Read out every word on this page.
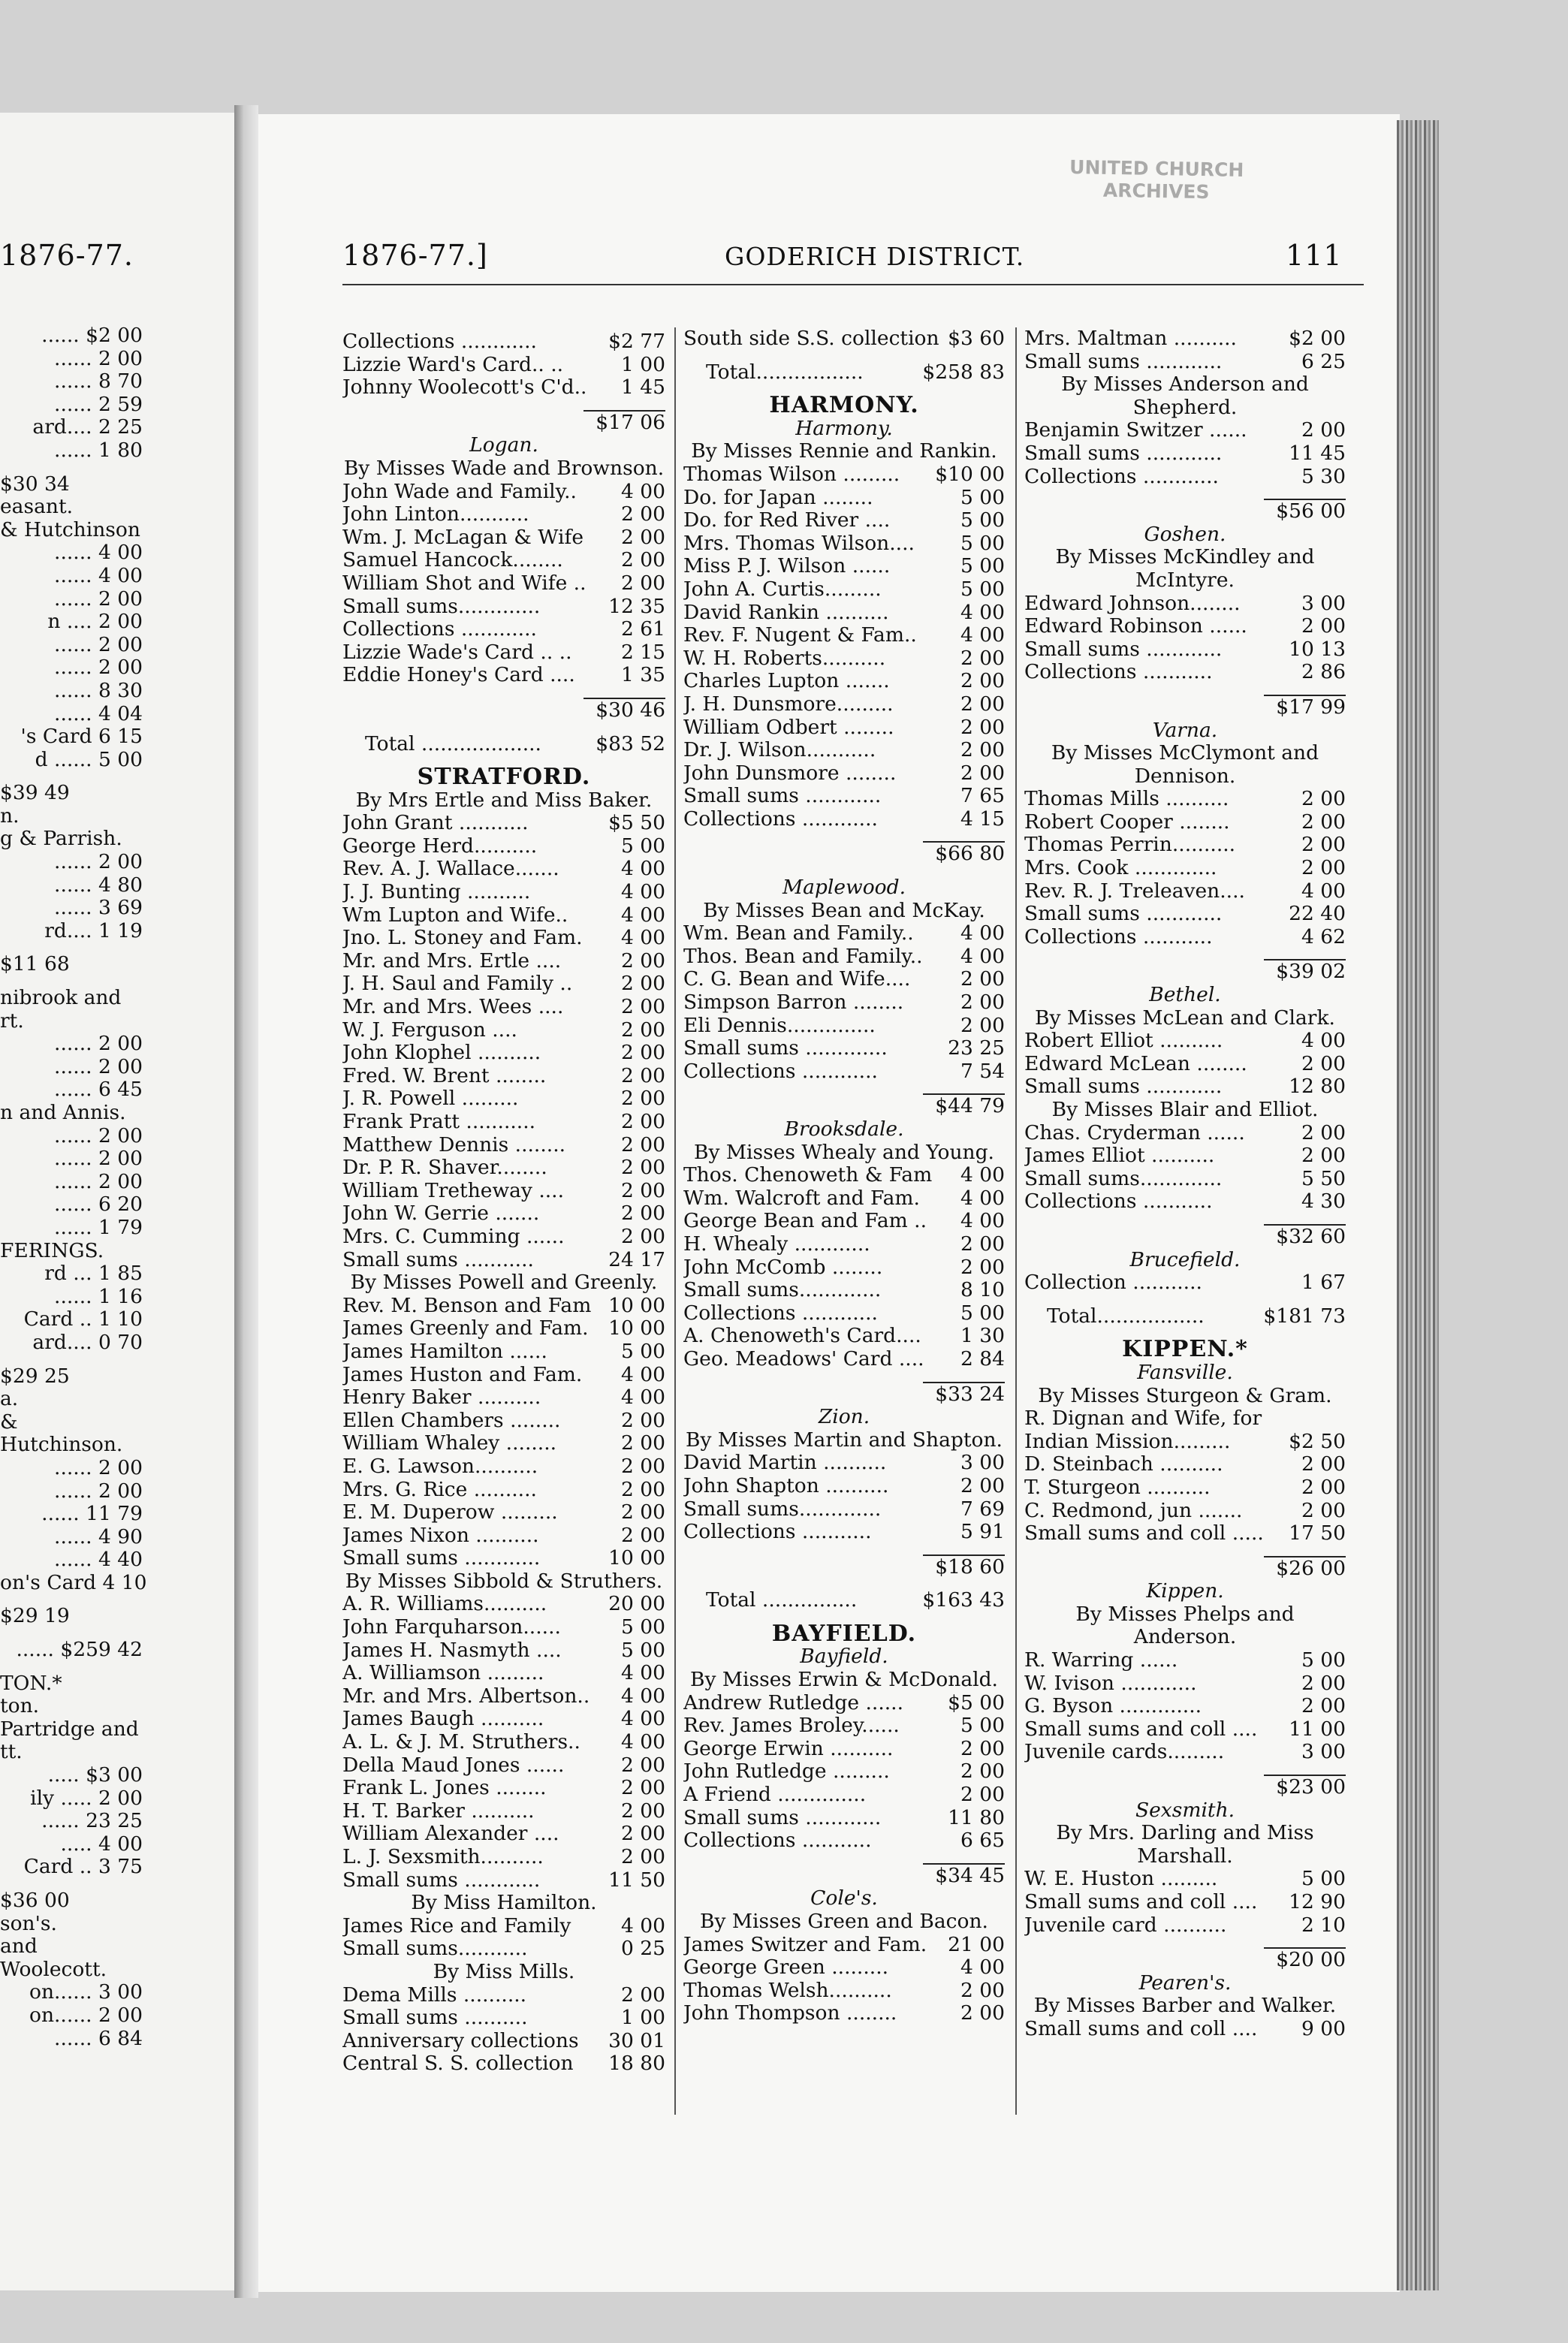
1876-77.
...... $2 00
...... 2 00
...... 8 70
...... 2 59
ard.... 2 25
...... 1 80
$30 34
easant.
& Hutchinson
...... 4 00
...... 4 00
...... 2 00
n .... 2 00
...... 2 00
...... 2 00
...... 8 30
...... 4 04
's Card 6 15
d ...... 5 00
$39 49
n.
g & Parrish.
...... 2 00
...... 4 80
...... 3 69
rd.... 1 19
$11 68
nibrook and
rt.
...... 2 00
...... 2 00
...... 6 45
n and Annis.
...... 2 00
...... 2 00
...... 2 00
...... 6 20
...... 1 79
FERINGS.
rd ... 1 85
...... 1 16
Card .. 1 10
ard.... 0 70
$29 25
a.
& Hutchinson.
...... 2 00
...... 2 00
...... 11 79
...... 4 90
...... 4 40
on's Card 4 10
$29 19
...... $259 42
TON.*
ton.
Partridge and
tt.
..... $3 00
ily ..... 2 00
...... 23 25
..... 4 00
Card .. 3 75
$36 00
son's.
and Woolecott.
on...... 3 00
on...... 2 00
...... 6 84
UNITED CHURCH
ARCHIVES
1876-77.]	GODERICH DISTRICT.	111
Collections ............	$2 77
Lizzie Ward's Card.. ..	1 00
Johnny Woolecott's C'd..	1 45
$17 06
Logan.
By Misses Wade and Brownson.
John Wade and Family..	4 00
John Linton...........	2 00
Wm. J. McLagan & Wife	2 00
Samuel Hancock........	2 00
William Shot and Wife ..	2 00
Small sums.............	12 35
Collections ............	2 61
Lizzie Wade's Card .. ..	2 15
Eddie Honey's Card ....	1 35
$30 46
Total ...................	$83 52
STRATFORD.
By Mrs Ertle and Miss Baker.
John Grant ...........	$5 50
George Herd..........	5 00
Rev. A. J. Wallace.......	4 00
J. J. Bunting ..........	4 00
Wm Lupton and Wife..	4 00
Jno. L. Stoney and Fam.	4 00
Mr. and Mrs. Ertle ....	2 00
J. H. Saul and Family ..	2 00
Mr. and Mrs. Wees ....	2 00
W. J. Ferguson ....	2 00
John Klophel ..........	2 00
Fred. W. Brent ........	2 00
J. R. Powell .........	2 00
Frank Pratt ...........	2 00
Matthew Dennis ........	2 00
Dr. P. R. Shaver........	2 00
William Tretheway ....	2 00
John W. Gerrie .......	2 00
Mrs. C. Cumming ......	2 00
Small sums ...........	24 17
By Misses Powell and Greenly.
Rev. M. Benson and Fam 10 00
James Greenly and Fam.	10 00
James Hamilton ......	5 00
James Huston and Fam.	4 00
Henry Baker ..........	4 00
Ellen Chambers ........	2 00
William Whaley ........	2 00
E. G. Lawson..........	2 00
Mrs. G. Rice ..........	2 00
E. M. Duperow .........	2 00
James Nixon ..........	2 00
Small sums ............	10 00
By Misses Sibbold & Struthers.
A. R. Williams..........	20 00
John Farquharson......	5 00
James H. Nasmyth ....	5 00
A. Williamson .........	4 00
Mr. and Mrs. Albertson..	4 00
James Baugh ..........	4 00
A. L. & J. M. Struthers..	4 00
Della Maud Jones ......	2 00
Frank L. Jones ........	2 00
H. T. Barker ..........	2 00
William Alexander ....	2 00
L. J. Sexsmith..........	2 00
Small sums ............	11 50
By Miss Hamilton.
James Rice and Family	4 00
Small sums...........	0 25
By Miss Mills.
Dema Mills ..........	2 00
Small sums ..........	1 00
Anniversary collections	30 01
Central S. S. collection	18 80
South side S.S. collection $3 60
Total.................	$258 83
HARMONY.
Harmony.
By Misses Rennie and Rankin.
Thomas Wilson .........	$10 00
Do. for Japan ........	5 00
Do. for Red River ....	5 00
Mrs. Thomas Wilson....	5 00
Miss P. J. Wilson ......	5 00
John A. Curtis.........	5 00
David Rankin ..........	4 00
Rev. F. Nugent & Fam..	4 00
W. H. Roberts..........	2 00
Charles Lupton .......	2 00
J. H. Dunsmore.........	2 00
William Odbert ........	2 00
Dr. J. Wilson...........	2 00
John Dunsmore ........	2 00
Small sums ............	7 65
Collections ............	4 15
$66 80
Maplewood.
By Misses Bean and McKay.
Wm. Bean and Family..	4 00
Thos. Bean and Family..	4 00
C. G. Bean and Wife....	2 00
Simpson Barron ........	2 00
Eli Dennis..............	2 00
Small sums .............	23 25
Collections ............	7 54
$44 79
Brooksdale.
By Misses Whealy and Young.
Thos. Chenoweth & Fam	4 00
Wm. Walcroft and Fam.	4 00
George Bean and Fam ..	4 00
H. Whealy ............	2 00
John McComb ........	2 00
Small sums.............	8 10
Collections ............	5 00
A. Chenoweth's Card....	1 30
Geo. Meadows' Card ....	2 84
$33 24
Zion.
By Misses Martin and Shapton.
David Martin ..........	3 00
John Shapton ..........	2 00
Small sums.............	7 69
Collections ...........	5 91
$18 60
Total ...............	$163 43
BAYFIELD.
Bayfield.
By Misses Erwin & McDonald.
Andrew Rutledge ......	$5 00
Rev. James Broley......	5 00
George Erwin ..........	2 00
John Rutledge .........	2 00
A Friend ..............	2 00
Small sums ............	11 80
Collections ...........	6 65
$34 45
Cole's.
By Misses Green and Bacon.
James Switzer and Fam.	21 00
George Green .........	4 00
Thomas Welsh..........	2 00
John Thompson ........	2 00
Mrs. Maltman ..........	$2 00
Small sums ............	6 25
By Misses Anderson and Shepherd.
Benjamin Switzer ......	2 00
Small sums ............	11 45
Collections ............	5 30
$56 00
Goshen.
By Misses McKindley and McIntyre.
Edward Johnson........	3 00
Edward Robinson ......	2 00
Small sums ............	10 13
Collections ...........	2 86
$17 99
Varna.
By Misses McClymont and Dennison.
Thomas Mills ..........	2 00
Robert Cooper ........	2 00
Thomas Perrin..........	2 00
Mrs. Cook .............	2 00
Rev. R. J. Treleaven....	4 00
Small sums ............	22 40
Collections ...........	4 62
$39 02
Bethel.
By Misses McLean and Clark.
Robert Elliot ..........	4 00
Edward McLean ........	2 00
Small sums ............	12 80
By Misses Blair and Elliot.
Chas. Cryderman ......	2 00
James Elliot ..........	2 00
Small sums.............	5 50
Collections ...........	4 30
$32 60
Brucefield.
Collection ...........	1 67
Total.................	$181 73
KIPPEN.*
Fansville.
By Misses Sturgeon & Gram.
R. Dignan and Wife, for
Indian Mission.........	$2 50
D. Steinbach ..........	2 00
T. Sturgeon ..........	2 00
C. Redmond, jun .......	2 00
Small sums and coll .....	17 50
$26 00
Kippen.
By Misses Phelps and Anderson.
R. Warring ......	5 00
W. Ivison ............	2 00
G. Byson .............	2 00
Small sums and coll ....	11 00
Juvenile cards.........	3 00
$23 00
Sexsmith.
By Mrs. Darling and Miss Marshall.
W. E. Huston .........	5 00
Small sums and coll ....	12 90
Juvenile card ..........	2 10
$20 00
Pearen's.
By Misses Barber and Walker.
Small sums and coll ....	9 00
